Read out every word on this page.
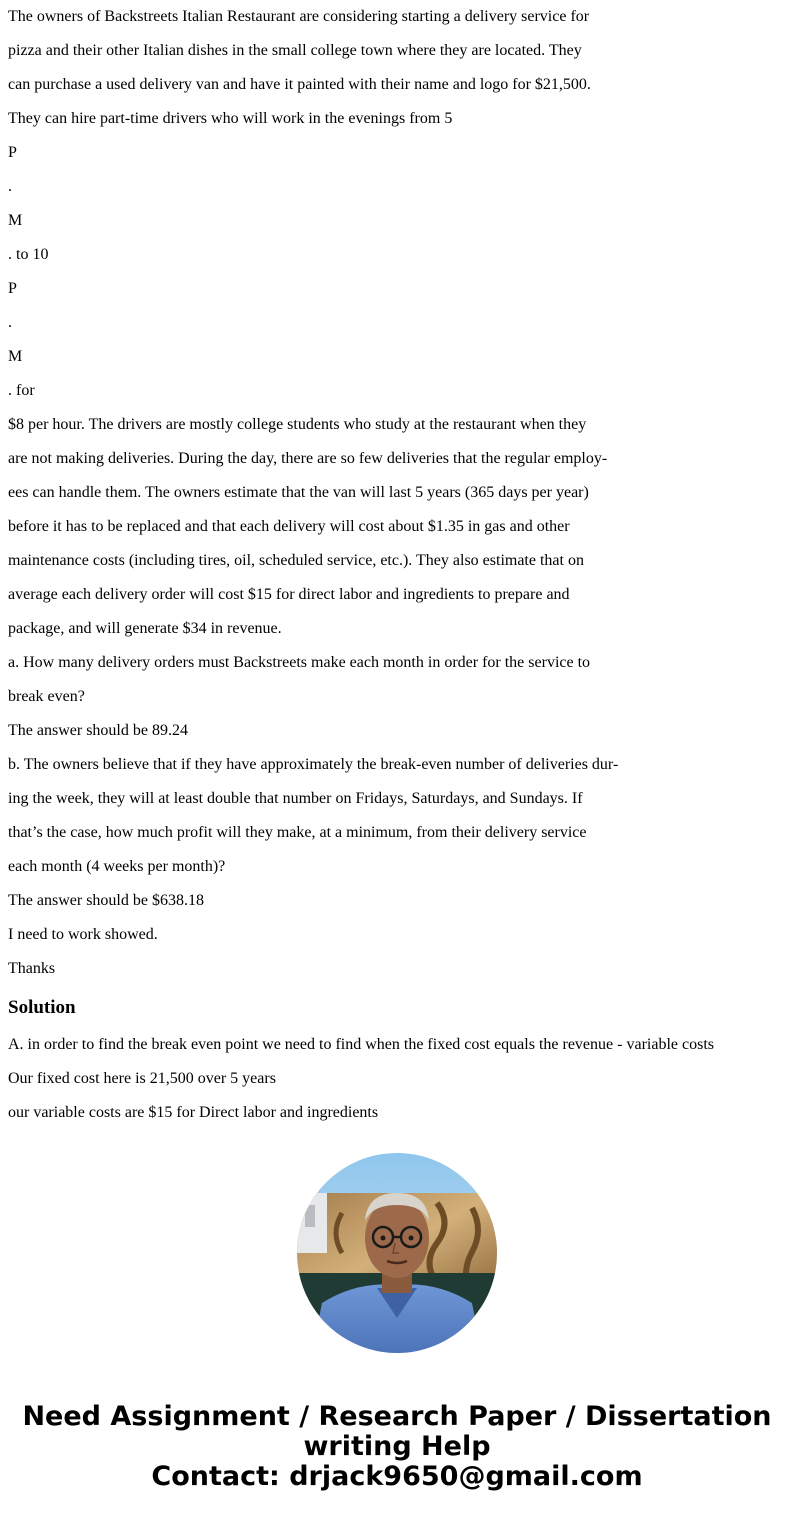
The owners of Backstreets Italian Restaurant are considering starting a delivery service for
pizza and their other Italian dishes in the small college town where they are located. They
can purchase a used delivery van and have it painted with their name and logo for $21,500.
They can hire part-time drivers who will work in the evenings from 5
P
.
M
. to 10
P
.
M
. for
$8 per hour. The drivers are mostly college students who study at the restaurant when they
are not making deliveries. During the day, there are so few deliveries that the regular employ-
ees can handle them. The owners estimate that the van will last 5 years (365 days per year)
before it has to be replaced and that each delivery will cost about $1.35 in gas and other
maintenance costs (including tires, oil, scheduled service, etc.). They also estimate that on
average each delivery order will cost $15 for direct labor and ingredients to prepare and
package, and will generate $34 in revenue.
a. How many delivery orders must Backstreets make each month in order for the service to
break even?
The answer should be 89.24
b. The owners believe that if they have approximately the break-even number of deliveries dur-
ing the week, they will at least double that number on Fridays, Saturdays, and Sundays. If
that’s the case, how much profit will they make, at a minimum, from their delivery service
each month (4 weeks per month)?
The answer should be $638.18
I need to work showed.
Thanks
Solution
A. in order to find the break even point we need to find when the fixed cost equals the revenue - variable costs
Our fixed cost here is 21,500 over 5 years
our variable costs are $15 for Direct labor and ingredients
Need Assignment / Research Paper / Dissertation
writing Help
Contact: drjack9650@gmail.com
